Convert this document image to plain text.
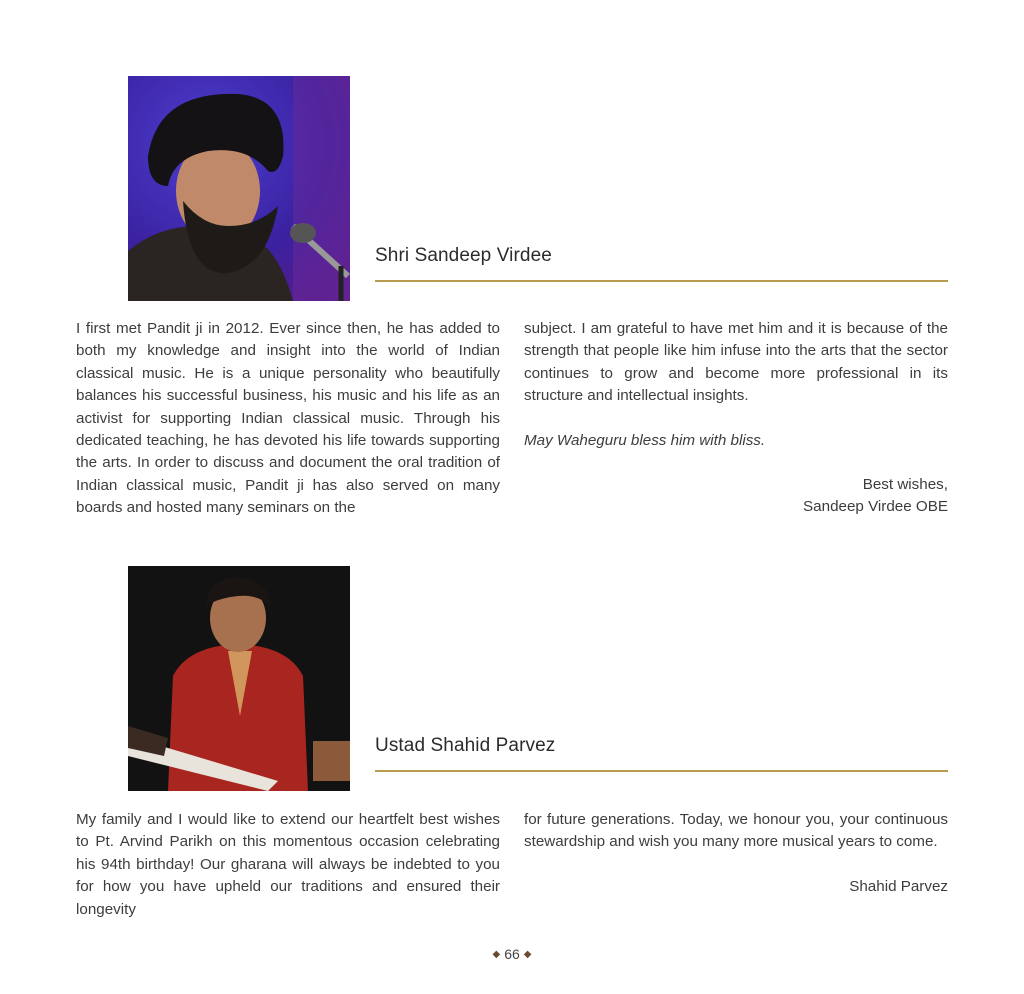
Shri Sandeep Virdee

I first met Pandit ji in 2012. Ever since then, he has added to both my knowledge and insight into the world of Indian classical music. He is a unique personality who beautifully balances his successful business, his music and his life as an activist for supporting Indian classical music. Through his dedicated teaching, he has devoted his life towards supporting the arts. In order to discuss and document the oral tradition of Indian classical music, Pandit ji has also served on many boards and hosted many seminars on the

subject. I am grateful to have met him and it is because of the strength that people like him infuse into the arts that the sector continues to grow and become more professional in its structure and intellectual insights.

May Waheguru bless him with bliss.

Best wishes,
Sandeep Virdee OBE
Ustad Shahid Parvez

My family and I would like to extend our heartfelt best wishes to Pt. Arvind Parikh on this momentous occasion celebrating his 94th birthday! Our gharana will always be indebted to you for how you have upheld our traditions and ensured their longevity

for future generations. Today, we honour you, your continuous stewardship and wish you many more musical years to come.

Shahid Parvez
◆ 66 ◆
